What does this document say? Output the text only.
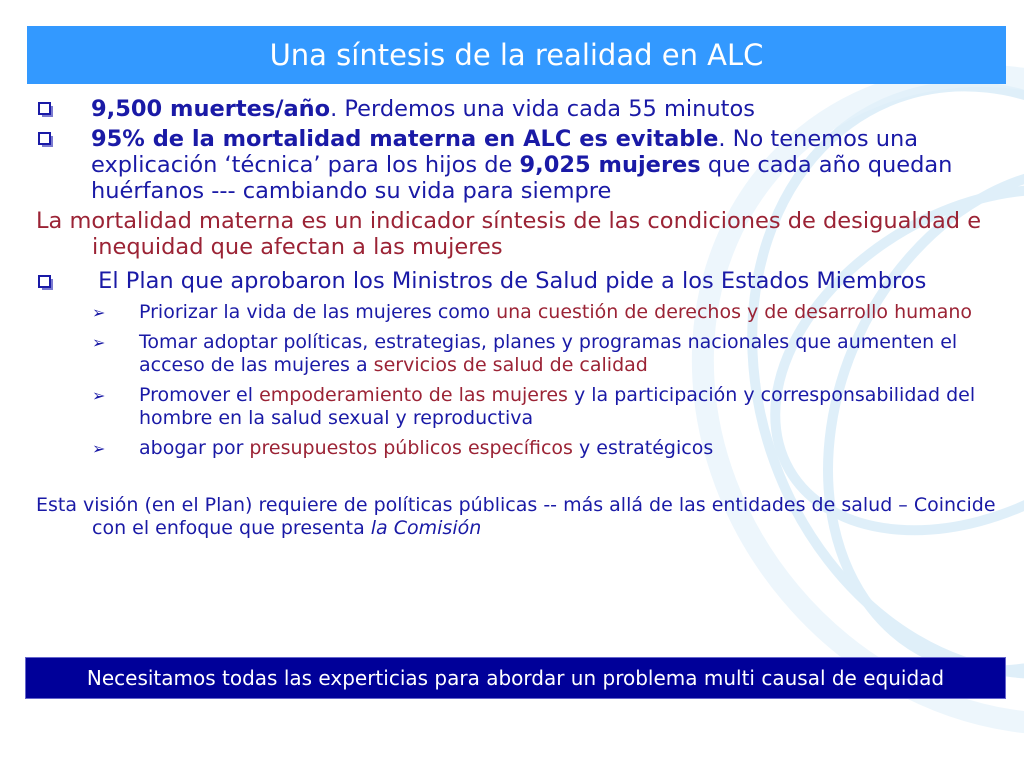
Una síntesis de la realidad en ALC
9,500 muertes/año. Perdemos una vida cada 55 minutos
95% de la mortalidad materna en ALC es evitable. No tenemos una explicación ‘técnica’ para los hijos de 9,025 mujeres que cada año quedan huérfanos --- cambiando su vida para siempre
La mortalidad materna es un indicador síntesis de las condiciones de desigualdad e inequidad que afectan a las mujeres
El Plan que aprobaron los Ministros de Salud pide a los Estados Miembros
➢	Priorizar la vida de las mujeres como una cuestión de derechos y de desarrollo humano
➢	Tomar adoptar políticas, estrategias, planes y programas nacionales que aumenten el acceso de las mujeres a servicios de salud de calidad
➢	Promover el empoderamiento de las mujeres y la participación y corresponsabilidad del hombre en la salud sexual y reproductiva
➢	abogar por presupuestos públicos específicos y estratégicos
Esta visión (en el Plan) requiere de políticas públicas -- más allá de las entidades de salud – Coincide con el enfoque que presenta la Comisión
Necesitamos todas las experticias para abordar un problema multi causal de equidad
